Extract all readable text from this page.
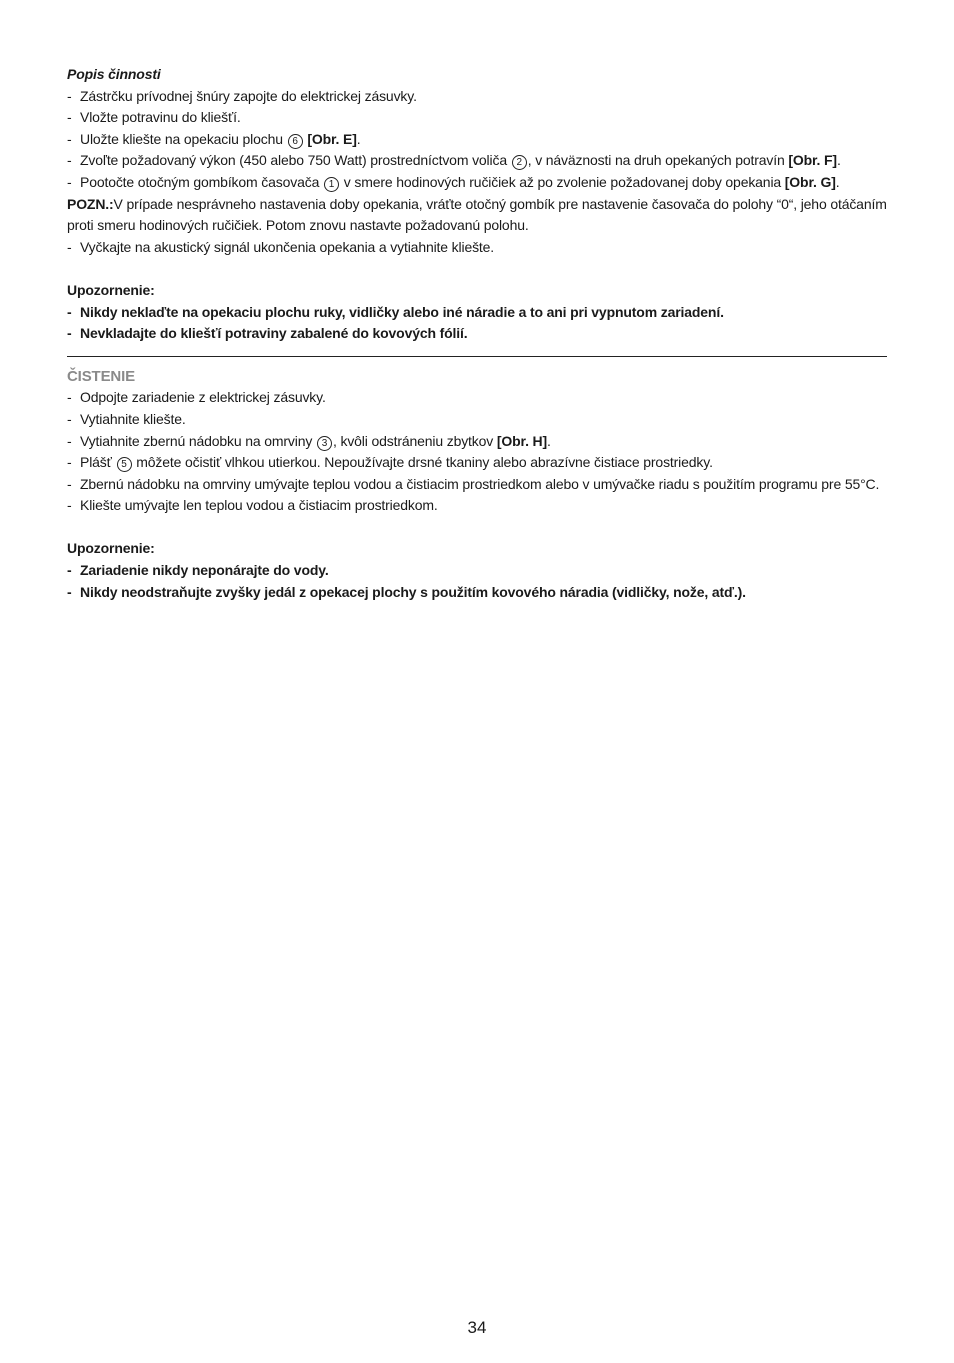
Popis činnosti
- Zástrčku prívodnej šnúry zapojte do elektrickej zásuvky.
- Vložte potravinu do kliešťí.
- Uložte kliešte na opekaciu plochu 6 [Obr. E].
- Zvoľte požadovaný výkon (450 alebo 750 Watt) prostredníctvom voliča 2 , v náväznosti na druh opekaných potravín [Obr. F].
- Pootočte otočným gombíkom časovača 1 v smere hodinových ručičiek až po zvolenie požadovanej doby opekania [Obr. G].
POZN.:V prípade nesprávneho nastavenia doby opekania, vráťte otočný gombík pre nastavenie časovača do polohy “0“, jeho otáčaním proti smeru hodinových ručičiek. Potom znovu nastavte požadovanú polohu.
- Vyčkajte na akustický signál ukončenia opekania a vytiahnite kliešte.
Upozornenie:
- Nikdy neklaďte na opekaciu plochu ruky, vidličky alebo iné náradie a to ani pri vypnutom zariadení.
- Nevkladajte do kliešťí potraviny zabalené do kovových fólií.
ČISTENIE
- Odpojte zariadenie z elektrickej zásuvky.
- Vytiahnite kliešte.
- Vytiahnite zbernú nádobku na omrviny 3 , kvôli odstráneniu zbytkov [Obr. H].
- Plášť 5 môžete očistiť vlhkou utierkou. Nepoužívajte drsné tkaniny alebo abrazívne čistiace prostriedky.
- Zbernú nádobku na omrviny umývajte teplou vodou a čistiacim prostriedkom alebo v umývačke riadu s použitím programu pre 55°C.
- Kliešte umývajte len teplou vodou a čistiacim prostriedkom.
Upozornenie:
- Zariadenie nikdy neponárajte do vody.
- Nikdy neodstraňujte zvyšky jedál z opekacej plochy s použitím kovového náradia (vidličky, nože, atď.).
34
